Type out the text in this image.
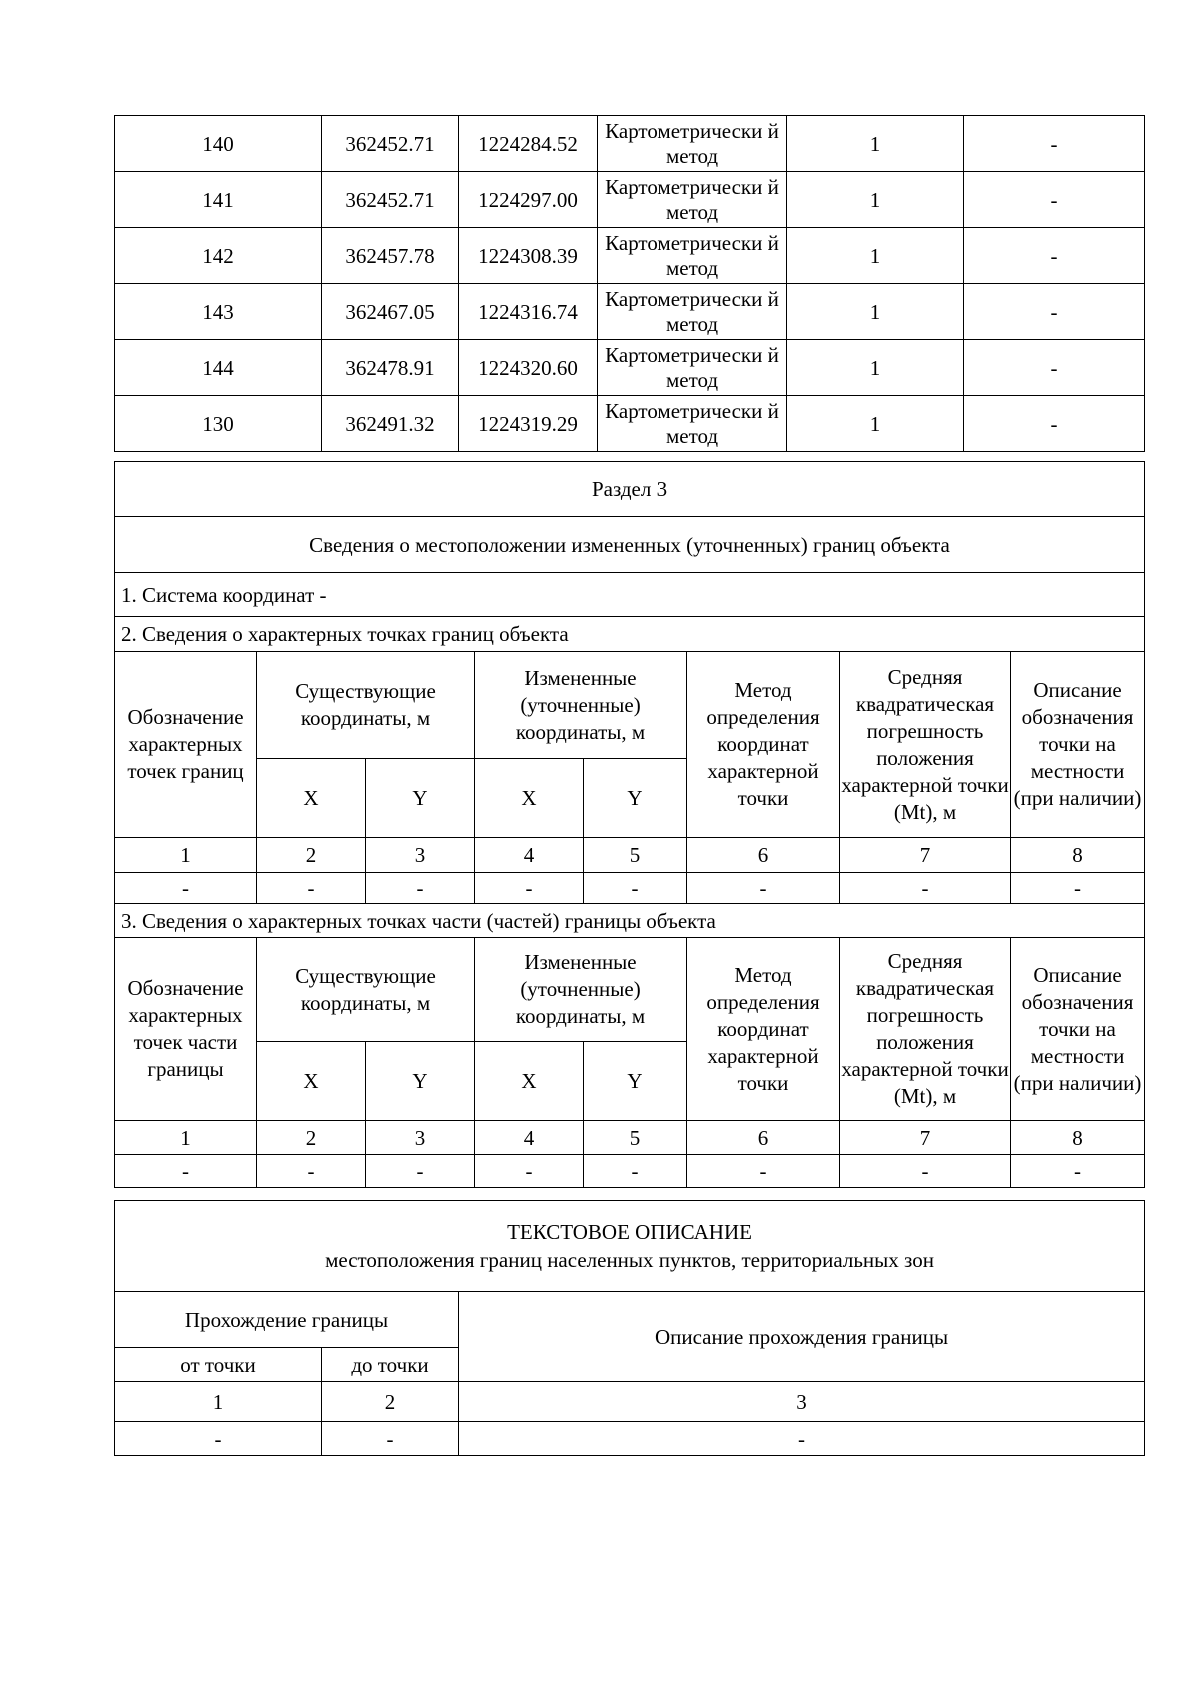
140	362452.71	1224284.52	Картометрически й метод	1	-
141	362452.71	1224297.00	Картометрически й метод	1	-
142	362457.78	1224308.39	Картометрически й метод	1	-
143	362467.05	1224316.74	Картометрически й метод	1	-
144	362478.91	1224320.60	Картометрически й метод	1	-
130	362491.32	1224319.29	Картометрически й метод	1	-
Раздел 3							
Сведения о местоположении измененных (уточненных) границ объекта							
1. Система координат -							
2. Сведения о характерных точках границ объекта							
Обозначение характерных точек границ	Существующие координаты, м		Измененные (уточненные) координаты, м		Метод определения координат характерной точки	Средняя квадратическая погрешность положения характерной точки (Mt), м	Описание обозначения точки на местности (при наличии)
	X	Y	X	Y			
1	2	3	4	5	6	7	8
-	-	-	-	-	-	-	-
3. Сведения о характерных точках части (частей) границы объекта							
Обозначение характерных точек части границы	Существующие координаты, м		Измененные (уточненные) координаты, м		Метод определения координат характерной точки	Средняя квадратическая погрешность положения характерной точки (Mt), м	Описание обозначения точки на местности (при наличии)
	X	Y	X	Y			
1	2	3	4	5	6	7	8
-	-	-	-	-	-	-	-
ТЕКСТОВОЕ ОПИСАНИЕ
местоположения границ населенных пунктов, территориальных зон		

Прохождение границы		Описание прохождения границы
от точки	до точки	
1	2	3
-	-	-
